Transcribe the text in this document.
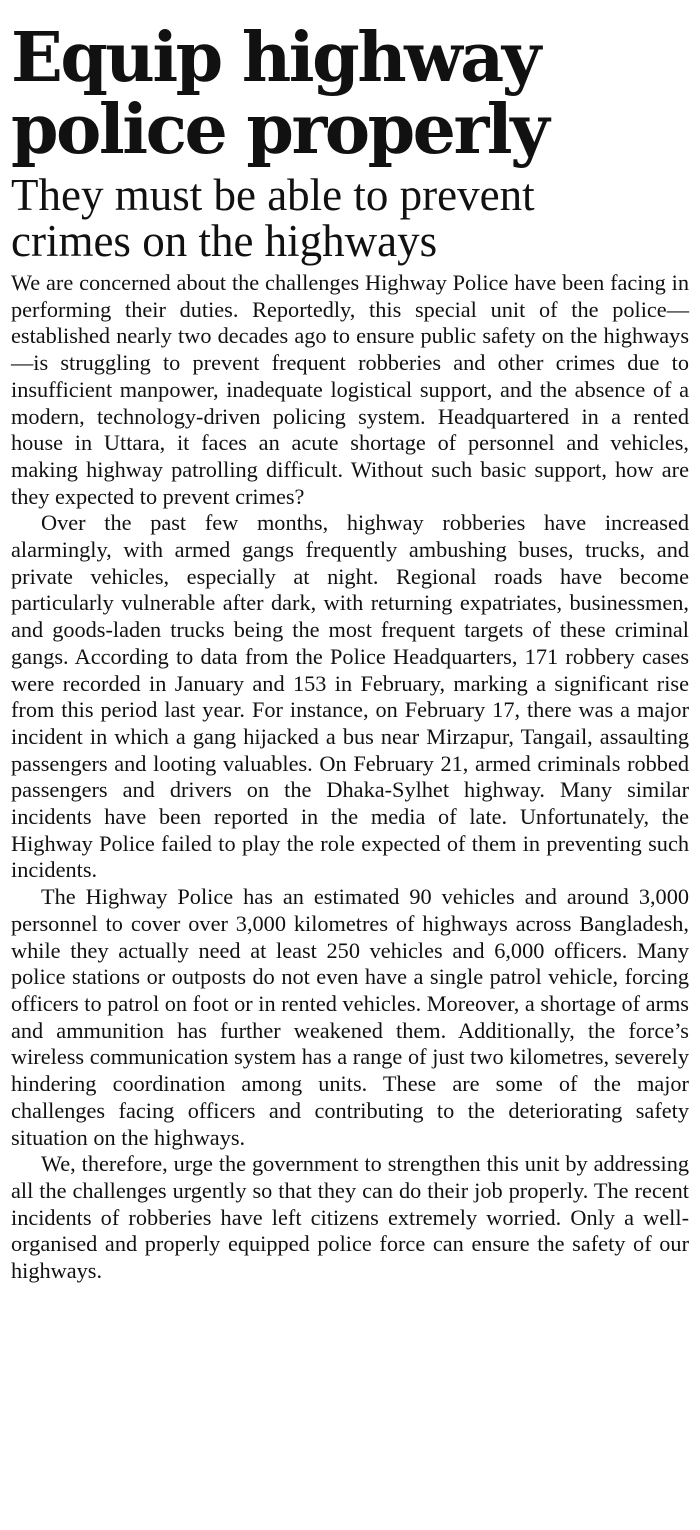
Equip highway
police properly
They must be able to prevent
crimes on the highways

We are concerned about the challenges Highway Police have been facing in performing their duties. Reportedly, this special unit of the police—established nearly two decades ago to ensure public safety on the highways—is struggling to prevent frequent robberies and other crimes due to insufficient manpower, inadequate logistical support, and the absence of a modern, technology-driven policing system. Headquartered in a rented house in Uttara, it faces an acute shortage of personnel and vehicles, making highway patrolling difficult. Without such basic support, how are they expected to prevent crimes?

Over the past few months, highway robberies have increased alarmingly, with armed gangs frequently ambushing buses, trucks, and private vehicles, especially at night. Regional roads have become particularly vulnerable after dark, with returning expatriates, businessmen, and goods-laden trucks being the most frequent targets of these criminal gangs. According to data from the Police Headquarters, 171 robbery cases were recorded in January and 153 in February, marking a significant rise from this period last year. For instance, on February 17, there was a major incident in which a gang hijacked a bus near Mirzapur, Tangail, assaulting passengers and looting valuables. On February 21, armed criminals robbed passengers and drivers on the Dhaka-Sylhet highway. Many similar incidents have been reported in the media of late. Unfortunately, the Highway Police failed to play the role expected of them in preventing such incidents.

The Highway Police has an estimated 90 vehicles and around 3,000 personnel to cover over 3,000 kilometres of highways across Bangladesh, while they actually need at least 250 vehicles and 6,000 officers. Many police stations or outposts do not even have a single patrol vehicle, forcing officers to patrol on foot or in rented vehicles. Moreover, a shortage of arms and ammunition has further weakened them. Additionally, the force’s wireless communication system has a range of just two kilometres, severely hindering coordination among units. These are some of the major challenges facing officers and contributing to the deteriorating safety situation on the highways.

We, therefore, urge the government to strengthen this unit by addressing all the challenges urgently so that they can do their job properly. The recent incidents of robberies have left citizens extremely worried. Only a well-organised and properly equipped police force can ensure the safety of our highways.
